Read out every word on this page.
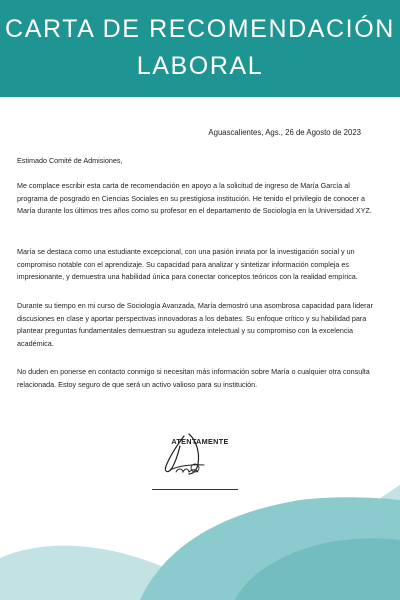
CARTA DE RECOMENDACIÓN
LABORAL
Aguascalientes, Ags., 26 de Agosto de 2023

Estimado Comité de Admisiones,

Me complace escribir esta carta de recomendación en apoyo a la solicitud de ingreso de María García al programa de posgrado en Ciencias Sociales en su prestigiosa institución. He tenido el privilegio de conocer a María durante los últimos tres años como su profesor en el departamento de Sociología en la Universidad XYZ.

María se destaca como una estudiante excepcional, con una pasión innata por la investigación social y un compromiso notable con el aprendizaje. Su capacidad para analizar y sintetizar información compleja es impresionante, y demuestra una habilidad única para conectar conceptos teóricos con la realidad empírica.

Durante su tiempo en mi curso de Sociología Avanzada, María demostró una asombrosa capacidad para liderar discusiones en clase y aportar perspectivas innovadoras a los debates. Su enfoque crítico y su habilidad para plantear preguntas fundamentales demuestran su agudeza intelectual y su compromiso con la excelencia académica.

No duden en ponerse en contacto conmigo si necesitan más información sobre María o cualquier otra consulta relacionada. Estoy seguro de que será un activo valioso para su institución.

ATENTAMENTE
